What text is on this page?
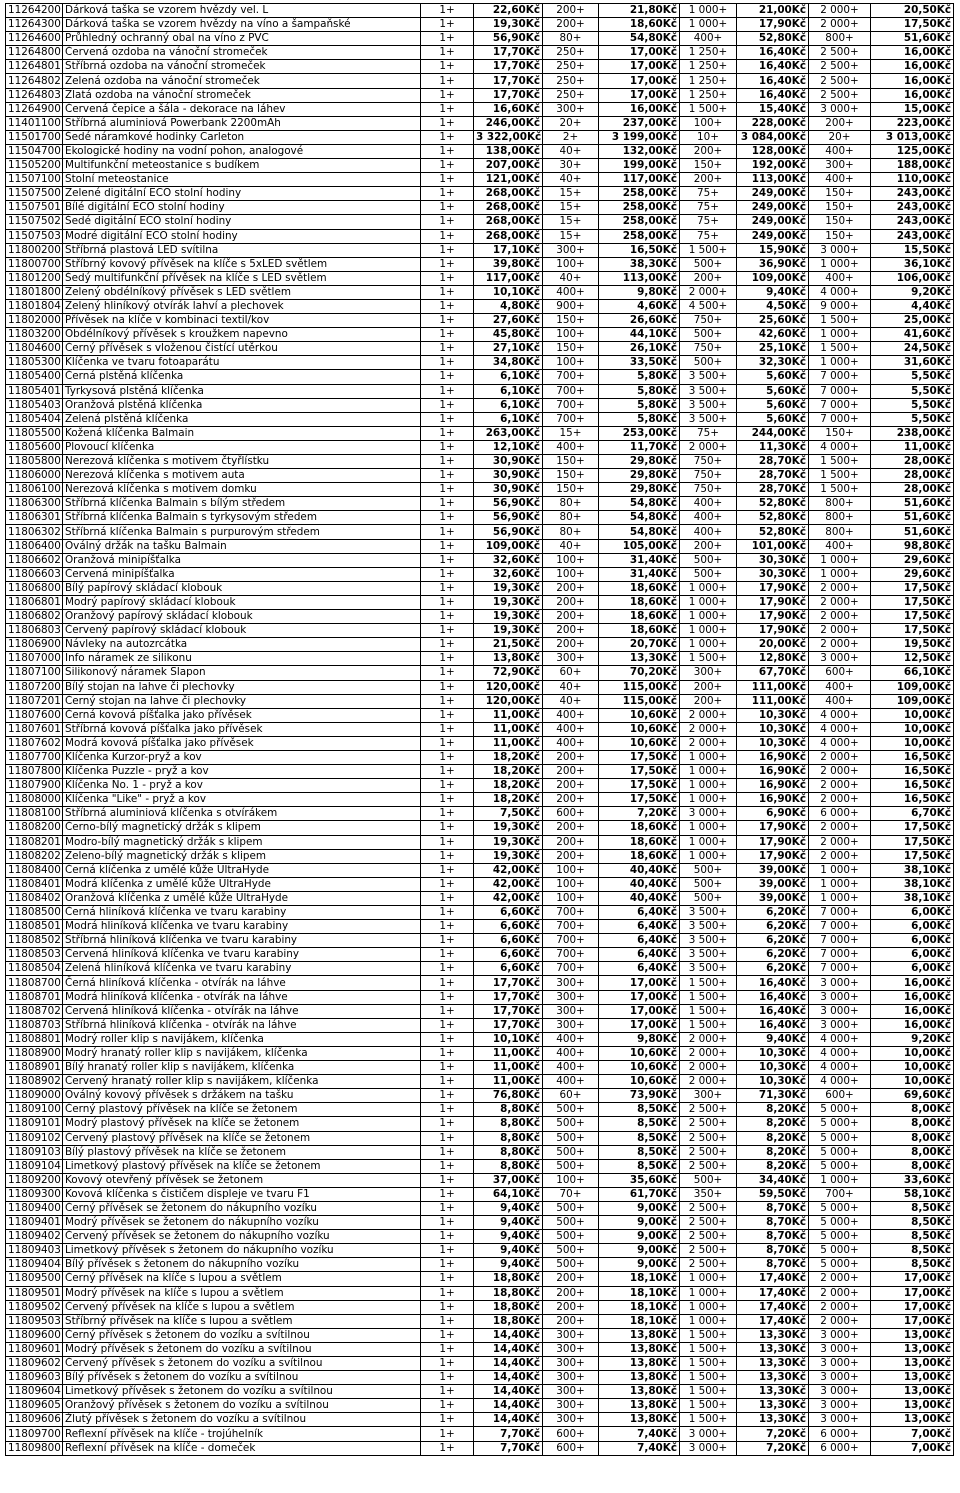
11264200	Dárková taška se vzorem hvězdy vel. L	1+	22,60Kč	200+	21,80Kč	1 000+	21,00Kč	2 000+	20,50Kč
11264300	Dárková taška se vzorem hvězdy na víno a šampaňské	1+	19,30Kč	200+	18,60Kč	1 000+	17,90Kč	2 000+	17,50Kč
11264600	Průhledný ochranný obal na víno z PVC	1+	56,90Kč	80+	54,80Kč	400+	52,80Kč	800+	51,60Kč
11264800	Červená ozdoba na vánoční stromeček	1+	17,70Kč	250+	17,00Kč	1 250+	16,40Kč	2 500+	16,00Kč
11264801	Stříbrná ozdoba na vánoční stromeček	1+	17,70Kč	250+	17,00Kč	1 250+	16,40Kč	2 500+	16,00Kč
11264802	Zelená ozdoba na vánoční stromeček	1+	17,70Kč	250+	17,00Kč	1 250+	16,40Kč	2 500+	16,00Kč
11264803	Zlatá ozdoba na vánoční stromeček	1+	17,70Kč	250+	17,00Kč	1 250+	16,40Kč	2 500+	16,00Kč
11264900	Červená čepice a šála - dekorace na láhev	1+	16,60Kč	300+	16,00Kč	1 500+	15,40Kč	3 000+	15,00Kč
11401100	Stříbrná aluminiová Powerbank 2200mAh	1+	246,00Kč	20+	237,00Kč	100+	228,00Kč	200+	223,00Kč
11501700	Šedé náramkové hodinky Carleton	1+	3 322,00Kč	2+	3 199,00Kč	10+	3 084,00Kč	20+	3 013,00Kč
11504700	Ekologické hodiny na vodní pohon, analogové	1+	138,00Kč	40+	132,00Kč	200+	128,00Kč	400+	125,00Kč
11505200	Multifunkční meteostanice s budíkem	1+	207,00Kč	30+	199,00Kč	150+	192,00Kč	300+	188,00Kč
11507100	Stolní meteostanice	1+	121,00Kč	40+	117,00Kč	200+	113,00Kč	400+	110,00Kč
11507500	Zelené digitální ECO stolní hodiny	1+	268,00Kč	15+	258,00Kč	75+	249,00Kč	150+	243,00Kč
11507501	Bílé digitální ECO stolní hodiny	1+	268,00Kč	15+	258,00Kč	75+	249,00Kč	150+	243,00Kč
11507502	Šedé digitální ECO stolní hodiny	1+	268,00Kč	15+	258,00Kč	75+	249,00Kč	150+	243,00Kč
11507503	Modré digitální ECO stolní hodiny	1+	268,00Kč	15+	258,00Kč	75+	249,00Kč	150+	243,00Kč
11800200	Stříbrná plastová LED svítilna	1+	17,10Kč	300+	16,50Kč	1 500+	15,90Kč	3 000+	15,50Kč
11800700	Stříbrný kovový přívěsek na klíče s 5xLED světlem	1+	39,80Kč	100+	38,30Kč	500+	36,90Kč	1 000+	36,10Kč
11801200	Šedý multifunkční přívěsek na klíče s LED světlem	1+	117,00Kč	40+	113,00Kč	200+	109,00Kč	400+	106,00Kč
11801800	Zelený obdélníkový přívěsek s LED světlem	1+	10,10Kč	400+	9,80Kč	2 000+	9,40Kč	4 000+	9,20Kč
11801804	Zelený hliníkový otvírák lahví a plechovek	1+	4,80Kč	900+	4,60Kč	4 500+	4,50Kč	9 000+	4,40Kč
11802000	Přívěsek na klíče v kombinaci textil/kov	1+	27,60Kč	150+	26,60Kč	750+	25,60Kč	1 500+	25,00Kč
11803200	Obdélníkový přívěsek s kroužkem napevno	1+	45,80Kč	100+	44,10Kč	500+	42,60Kč	1 000+	41,60Kč
11804600	Černý přívěsek s vloženou čistící utěrkou	1+	27,10Kč	150+	26,10Kč	750+	25,10Kč	1 500+	24,50Kč
11805300	Klíčenka ve tvaru fotoaparátu	1+	34,80Kč	100+	33,50Kč	500+	32,30Kč	1 000+	31,60Kč
11805400	Černá plstěná klíčenka	1+	6,10Kč	700+	5,80Kč	3 500+	5,60Kč	7 000+	5,50Kč
11805401	Tyrkysová plstěná klíčenka	1+	6,10Kč	700+	5,80Kč	3 500+	5,60Kč	7 000+	5,50Kč
11805403	Oranžová plstěná klíčenka	1+	6,10Kč	700+	5,80Kč	3 500+	5,60Kč	7 000+	5,50Kč
11805404	Zelená plstěná klíčenka	1+	6,10Kč	700+	5,80Kč	3 500+	5,60Kč	7 000+	5,50Kč
11805500	Kožená klíčenka Balmain	1+	263,00Kč	15+	253,00Kč	75+	244,00Kč	150+	238,00Kč
11805600	Plovoucí klíčenka	1+	12,10Kč	400+	11,70Kč	2 000+	11,30Kč	4 000+	11,00Kč
11805800	Nerezová klíčenka s motivem čtyřlístku	1+	30,90Kč	150+	29,80Kč	750+	28,70Kč	1 500+	28,00Kč
11806000	Nerezová klíčenka s motivem auta	1+	30,90Kč	150+	29,80Kč	750+	28,70Kč	1 500+	28,00Kč
11806100	Nerezová klíčenka s motivem domku	1+	30,90Kč	150+	29,80Kč	750+	28,70Kč	1 500+	28,00Kč
11806300	Stříbrná klíčenka Balmain s bílým středem	1+	56,90Kč	80+	54,80Kč	400+	52,80Kč	800+	51,60Kč
11806301	Stříbrná klíčenka Balmain s tyrkysovým středem	1+	56,90Kč	80+	54,80Kč	400+	52,80Kč	800+	51,60Kč
11806302	Stříbrná klíčenka Balmain s purpurovým středem	1+	56,90Kč	80+	54,80Kč	400+	52,80Kč	800+	51,60Kč
11806400	Oválný držák na tašku Balmain	1+	109,00Kč	40+	105,00Kč	200+	101,00Kč	400+	98,80Kč
11806602	Oranžová minipíšťalka	1+	32,60Kč	100+	31,40Kč	500+	30,30Kč	1 000+	29,60Kč
11806603	Červená minipíšťalka	1+	32,60Kč	100+	31,40Kč	500+	30,30Kč	1 000+	29,60Kč
11806800	Bílý papírový skládací klobouk	1+	19,30Kč	200+	18,60Kč	1 000+	17,90Kč	2 000+	17,50Kč
11806801	Modrý papírový skládací klobouk	1+	19,30Kč	200+	18,60Kč	1 000+	17,90Kč	2 000+	17,50Kč
11806802	Oranžový papírový skládací klobouk	1+	19,30Kč	200+	18,60Kč	1 000+	17,90Kč	2 000+	17,50Kč
11806803	Červený papírový skládací klobouk	1+	19,30Kč	200+	18,60Kč	1 000+	17,90Kč	2 000+	17,50Kč
11806900	Návleky na autozrcátka	1+	21,50Kč	200+	20,70Kč	1 000+	20,00Kč	2 000+	19,50Kč
11807000	Info náramek ze silikonu	1+	13,80Kč	300+	13,30Kč	1 500+	12,80Kč	3 000+	12,50Kč
11807100	Silikonový náramek Slapon	1+	72,90Kč	60+	70,20Kč	300+	67,70Kč	600+	66,10Kč
11807200	Bílý stojan na lahve či plechovky	1+	120,00Kč	40+	115,00Kč	200+	111,00Kč	400+	109,00Kč
11807201	Černý stojan na lahve či plechovky	1+	120,00Kč	40+	115,00Kč	200+	111,00Kč	400+	109,00Kč
11807600	Černá kovová píšťalka jako přívěsek	1+	11,00Kč	400+	10,60Kč	2 000+	10,30Kč	4 000+	10,00Kč
11807601	Stříbrná kovová píšťalka jako přívěsek	1+	11,00Kč	400+	10,60Kč	2 000+	10,30Kč	4 000+	10,00Kč
11807602	Modrá kovová píšťalka jako přívěsek	1+	11,00Kč	400+	10,60Kč	2 000+	10,30Kč	4 000+	10,00Kč
11807700	Klíčenka Kurzor-pryž a kov	1+	18,20Kč	200+	17,50Kč	1 000+	16,90Kč	2 000+	16,50Kč
11807800	Klíčenka Puzzle - pryž a kov	1+	18,20Kč	200+	17,50Kč	1 000+	16,90Kč	2 000+	16,50Kč
11807900	Klíčenka No. 1 - pryž a kov	1+	18,20Kč	200+	17,50Kč	1 000+	16,90Kč	2 000+	16,50Kč
11808000	Klíčenka "Like" - pryž a kov	1+	18,20Kč	200+	17,50Kč	1 000+	16,90Kč	2 000+	16,50Kč
11808100	Stříbrná aluminiová klíčenka s otvírákem	1+	7,50Kč	600+	7,20Kč	3 000+	6,90Kč	6 000+	6,70Kč
11808200	Černo-bílý magnetický držák s klipem	1+	19,30Kč	200+	18,60Kč	1 000+	17,90Kč	2 000+	17,50Kč
11808201	Modro-bílý magnetický držák s klipem	1+	19,30Kč	200+	18,60Kč	1 000+	17,90Kč	2 000+	17,50Kč
11808202	Zeleno-bílý magnetický držák s klipem	1+	19,30Kč	200+	18,60Kč	1 000+	17,90Kč	2 000+	17,50Kč
11808400	Černá klíčenka z umělé kůže UltraHyde	1+	42,00Kč	100+	40,40Kč	500+	39,00Kč	1 000+	38,10Kč
11808401	Modrá klíčenka z umělé kůže UltraHyde	1+	42,00Kč	100+	40,40Kč	500+	39,00Kč	1 000+	38,10Kč
11808402	Oranžová klíčenka z umělé kůže UltraHyde	1+	42,00Kč	100+	40,40Kč	500+	39,00Kč	1 000+	38,10Kč
11808500	Černá hliníková klíčenka ve tvaru karabiny	1+	6,60Kč	700+	6,40Kč	3 500+	6,20Kč	7 000+	6,00Kč
11808501	Modrá hliníková klíčenka ve tvaru karabiny	1+	6,60Kč	700+	6,40Kč	3 500+	6,20Kč	7 000+	6,00Kč
11808502	Stříbrná hliníková klíčenka ve tvaru karabiny	1+	6,60Kč	700+	6,40Kč	3 500+	6,20Kč	7 000+	6,00Kč
11808503	Červená hliníková klíčenka ve tvaru karabiny	1+	6,60Kč	700+	6,40Kč	3 500+	6,20Kč	7 000+	6,00Kč
11808504	Zelená hliníková klíčenka ve tvaru karabiny	1+	6,60Kč	700+	6,40Kč	3 500+	6,20Kč	7 000+	6,00Kč
11808700	Černá hliníková klíčenka - otvírák na láhve	1+	17,70Kč	300+	17,00Kč	1 500+	16,40Kč	3 000+	16,00Kč
11808701	Modrá hliníková klíčenka - otvírák na láhve	1+	17,70Kč	300+	17,00Kč	1 500+	16,40Kč	3 000+	16,00Kč
11808702	Červená hliníková klíčenka - otvírák na láhve	1+	17,70Kč	300+	17,00Kč	1 500+	16,40Kč	3 000+	16,00Kč
11808703	Stříbrná hliníková klíčenka - otvírák na láhve	1+	17,70Kč	300+	17,00Kč	1 500+	16,40Kč	3 000+	16,00Kč
11808801	Modrý roller klip s navijákem, klíčenka	1+	10,10Kč	400+	9,80Kč	2 000+	9,40Kč	4 000+	9,20Kč
11808900	Modrý hranatý roller klip s navijákem, klíčenka	1+	11,00Kč	400+	10,60Kč	2 000+	10,30Kč	4 000+	10,00Kč
11808901	Bílý hranatý roller klip s navijákem, klíčenka	1+	11,00Kč	400+	10,60Kč	2 000+	10,30Kč	4 000+	10,00Kč
11808902	Červený hranatý roller klip s navijákem, klíčenka	1+	11,00Kč	400+	10,60Kč	2 000+	10,30Kč	4 000+	10,00Kč
11809000	Oválný kovový přívěsek s držákem na tašku	1+	76,80Kč	60+	73,90Kč	300+	71,30Kč	600+	69,60Kč
11809100	Černý plastový přívěsek na klíče se žetonem	1+	8,80Kč	500+	8,50Kč	2 500+	8,20Kč	5 000+	8,00Kč
11809101	Modrý plastový přívěsek na klíče se žetonem	1+	8,80Kč	500+	8,50Kč	2 500+	8,20Kč	5 000+	8,00Kč
11809102	Červený plastový přívěsek na klíče se žetonem	1+	8,80Kč	500+	8,50Kč	2 500+	8,20Kč	5 000+	8,00Kč
11809103	Bílý plastový přívěsek na klíče se žetonem	1+	8,80Kč	500+	8,50Kč	2 500+	8,20Kč	5 000+	8,00Kč
11809104	Limetkový plastový přívěsek na klíče se žetonem	1+	8,80Kč	500+	8,50Kč	2 500+	8,20Kč	5 000+	8,00Kč
11809200	Kovový otevřený přívěsek se žetonem	1+	37,00Kč	100+	35,60Kč	500+	34,40Kč	1 000+	33,60Kč
11809300	Kovová klíčenka s čističem displeje ve tvaru F1	1+	64,10Kč	70+	61,70Kč	350+	59,50Kč	700+	58,10Kč
11809400	Černý přívěsek se žetonem do nákupního vozíku	1+	9,40Kč	500+	9,00Kč	2 500+	8,70Kč	5 000+	8,50Kč
11809401	Modrý přívěsek se žetonem do nákupního vozíku	1+	9,40Kč	500+	9,00Kč	2 500+	8,70Kč	5 000+	8,50Kč
11809402	Červený přívěsek se žetonem do nákupního vozíku	1+	9,40Kč	500+	9,00Kč	2 500+	8,70Kč	5 000+	8,50Kč
11809403	Limetkový přívěsek s žetonem do nákupního vozíku	1+	9,40Kč	500+	9,00Kč	2 500+	8,70Kč	5 000+	8,50Kč
11809404	Bílý přívěsek s žetonem do nákupního vozíku	1+	9,40Kč	500+	9,00Kč	2 500+	8,70Kč	5 000+	8,50Kč
11809500	Černý přívěsek na klíče s lupou a světlem	1+	18,80Kč	200+	18,10Kč	1 000+	17,40Kč	2 000+	17,00Kč
11809501	Modrý přívěsek na klíče s lupou a světlem	1+	18,80Kč	200+	18,10Kč	1 000+	17,40Kč	2 000+	17,00Kč
11809502	Červený přívěsek na klíče s lupou a světlem	1+	18,80Kč	200+	18,10Kč	1 000+	17,40Kč	2 000+	17,00Kč
11809503	Stříbrný přívěsek na klíče s lupou a světlem	1+	18,80Kč	200+	18,10Kč	1 000+	17,40Kč	2 000+	17,00Kč
11809600	Černý přívěsek s žetonem do vozíku a svítilnou	1+	14,40Kč	300+	13,80Kč	1 500+	13,30Kč	3 000+	13,00Kč
11809601	Modrý přívěsek s žetonem do vozíku a svítilnou	1+	14,40Kč	300+	13,80Kč	1 500+	13,30Kč	3 000+	13,00Kč
11809602	Červený přívěsek s žetonem do vozíku a svítilnou	1+	14,40Kč	300+	13,80Kč	1 500+	13,30Kč	3 000+	13,00Kč
11809603	Bílý přívěsek s žetonem do vozíku a svítilnou	1+	14,40Kč	300+	13,80Kč	1 500+	13,30Kč	3 000+	13,00Kč
11809604	Limetkový přívěsek s žetonem do vozíku a svítilnou	1+	14,40Kč	300+	13,80Kč	1 500+	13,30Kč	3 000+	13,00Kč
11809605	Oranžový přívěsek s žetonem do vozíku a svítilnou	1+	14,40Kč	300+	13,80Kč	1 500+	13,30Kč	3 000+	13,00Kč
11809606	Žlutý přívěsek s žetonem do vozíku a svítilnou	1+	14,40Kč	300+	13,80Kč	1 500+	13,30Kč	3 000+	13,00Kč
11809700	Reflexní přívěsek na klíče - trojúhelník	1+	7,70Kč	600+	7,40Kč	3 000+	7,20Kč	6 000+	7,00Kč
11809800	Reflexní přívěsek na klíče - domeček	1+	7,70Kč	600+	7,40Kč	3 000+	7,20Kč	6 000+	7,00Kč
